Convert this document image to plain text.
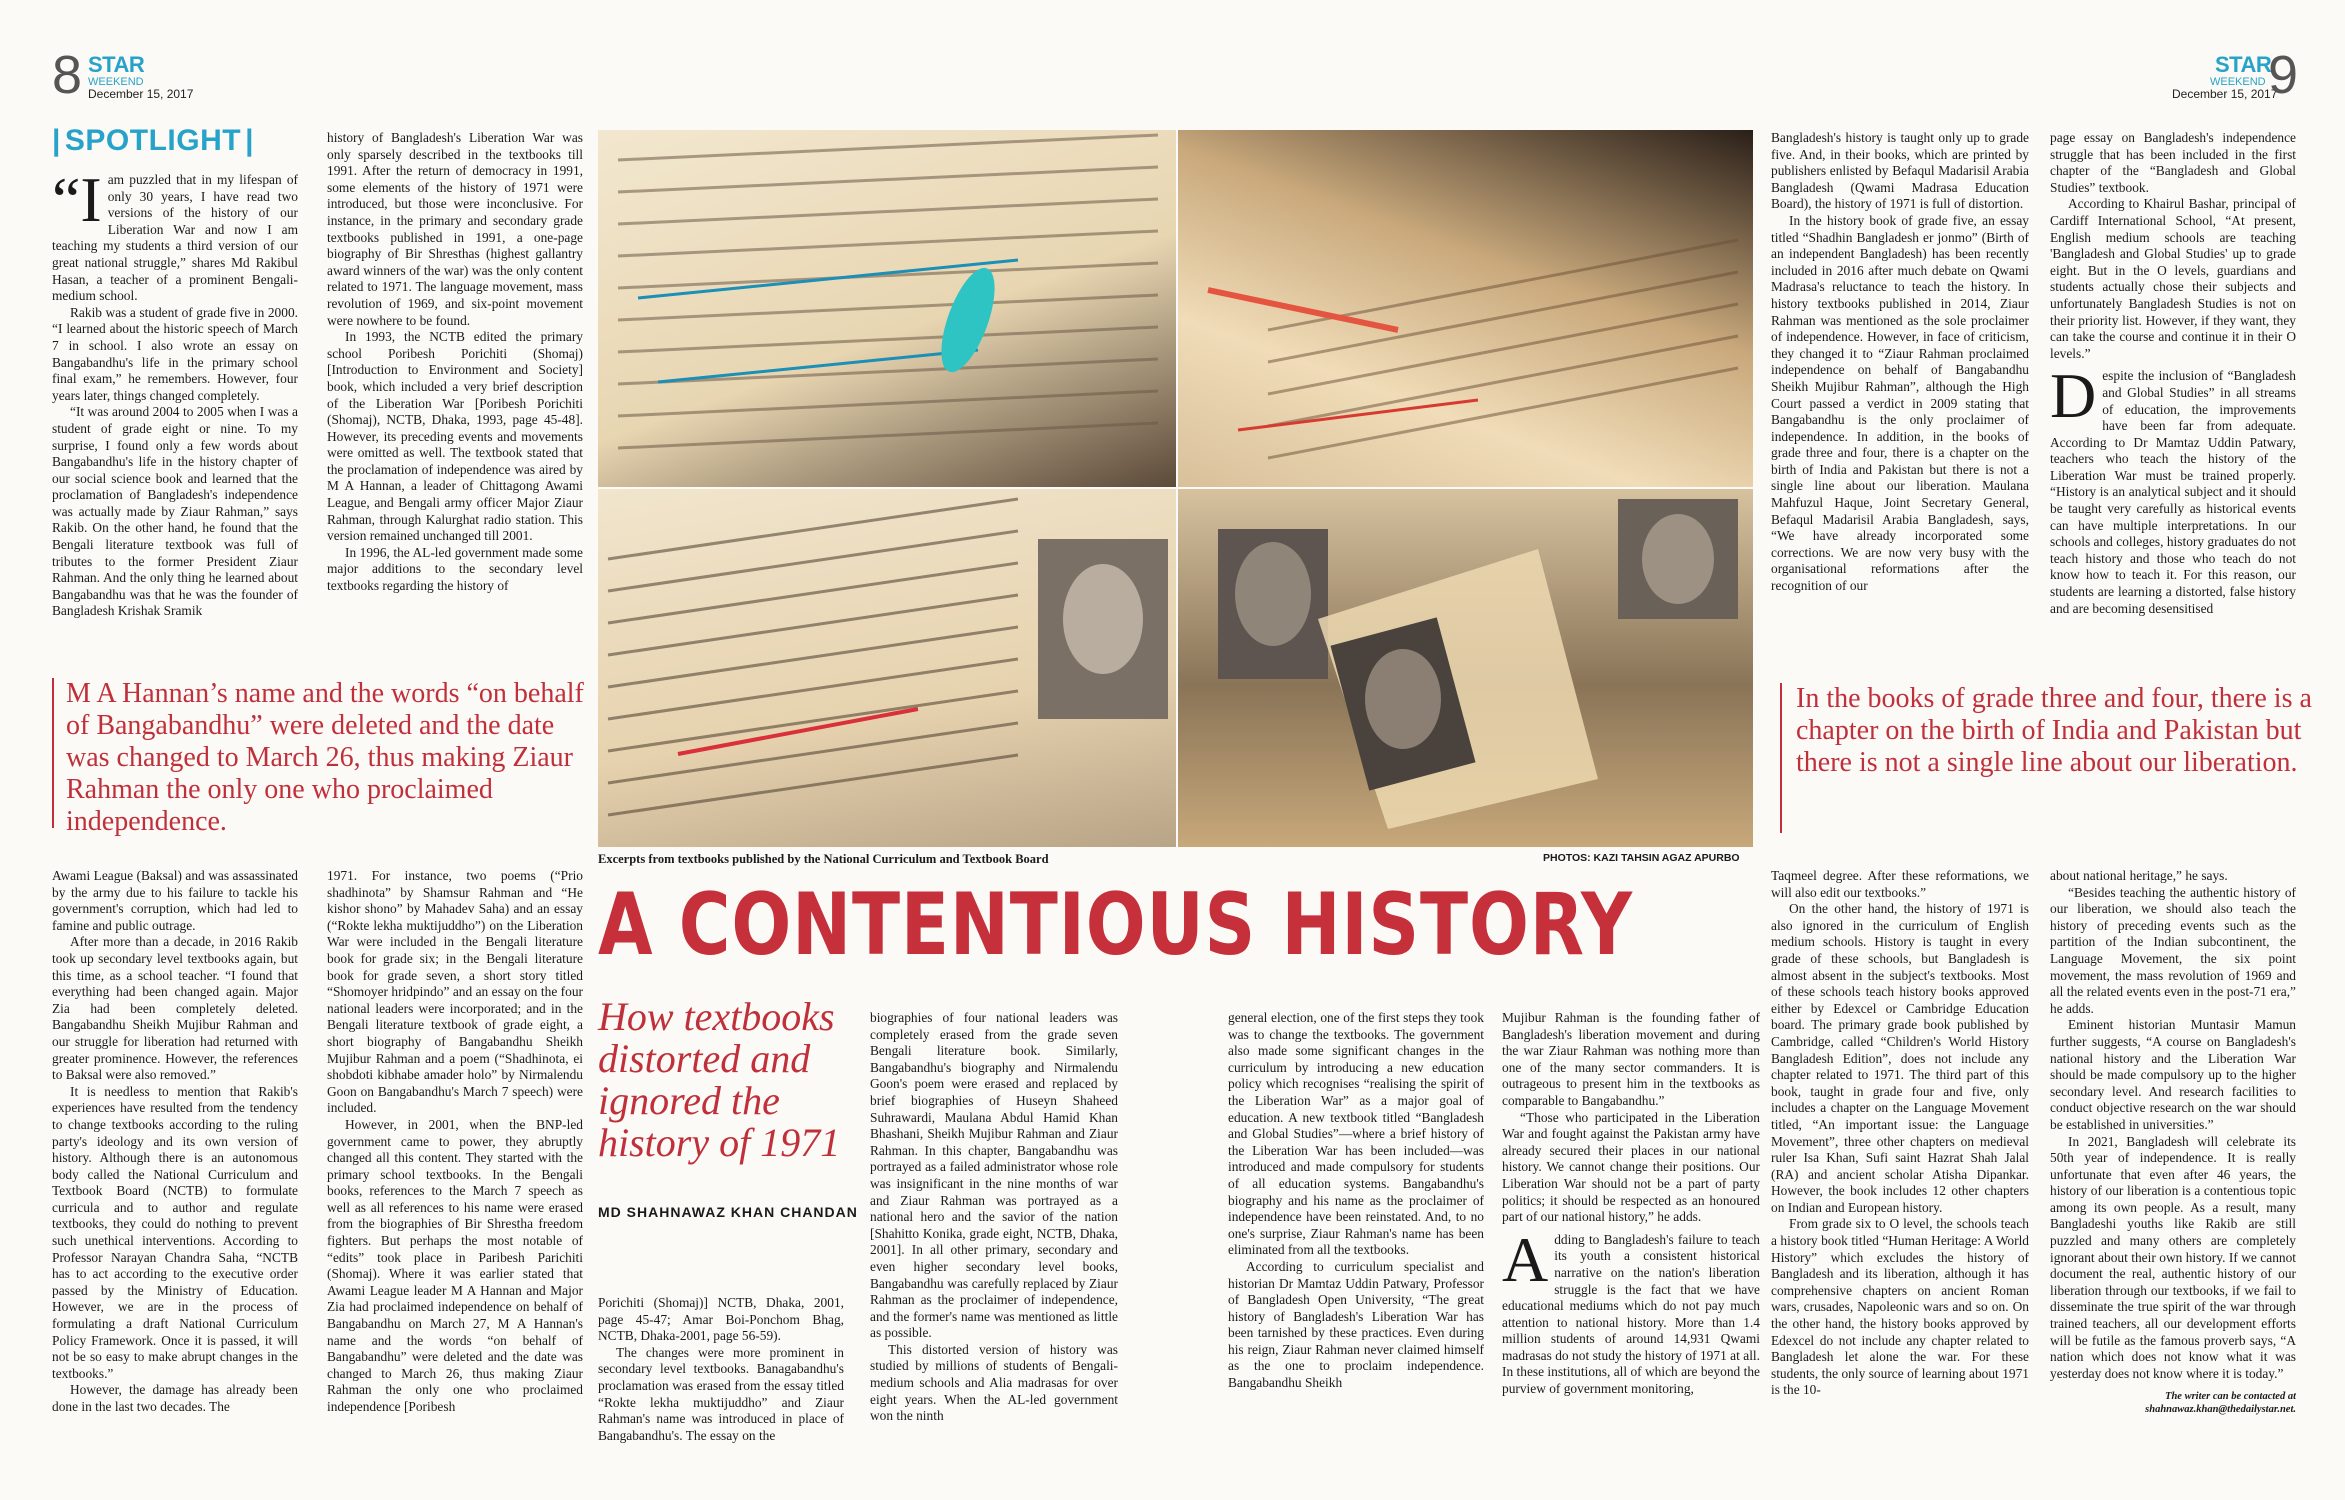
8 STAR
WEEKEND
December 15, 2017
STAR
WEEKEND
December 15, 2017
9
| SPOTLIGHT |

“Iam puzzled that in my lifespan of only 30 years, I have read two versions of the history of our Liberation War and now I am teaching my students a third version of our great national struggle,” shares Md Rakibul Hasan, a teacher of a prominent Bengali-medium school.

Rakib was a student of grade five in 2000. “I learned about the historic speech of March 7 in school. I also wrote an essay on Bangabandhu's life in the primary school final exam,” he remembers. However, four years later, things changed completely.

“It was around 2004 to 2005 when I was a student of grade eight or nine. To my surprise, I found only a few words about Bangabandhu's life in the history chapter of our social science book and learned that the proclamation of Bangladesh's independence was actually made by Ziaur Rahman,” says Rakib. On the other hand, he found that the Bengali literature textbook was full of tributes to the former President Ziaur Rahman. And the only thing he learned about Bangabandhu was that he was the founder of Bangladesh Krishak Sramik

history of Bangladesh's Liberation War was only sparsely described in the textbooks till 1991. After the return of democracy in 1991, some elements of the history of 1971 were introduced, but those were inconclusive. For instance, in the primary and secondary grade textbooks published in 1991, a one-page biography of Bir Shresthas (highest gallantry award winners of the war) was the only content related to 1971. The language movement, mass revolution of 1969, and six-point movement were nowhere to be found.

In 1993, the NCTB edited the primary school Poribesh Porichiti (Shomaj) [Introduction to Environment and Society] book, which included a very brief description of the Liberation War [Poribesh Porichiti (Shomaj), NCTB, Dhaka, 1993, page 45-48]. However, its preceding events and movements were omitted as well. The textbook stated that the proclamation of independence was aired by M A Hannan, a leader of Chittagong Awami League, and Bengali army officer Major Ziaur Rahman, through Kalurghat radio station. This version remained unchanged till 2001.

In 1996, the AL-led government made some major additions to the secondary level textbooks regarding the history of

Excerpts from textbooks published by the National Curriculum and Textbook Board	PHOTOS: KAZI TAHSIN AGAZ APURBO

Bangladesh's history is taught only up to grade five. And, in their books, which are printed by publishers enlisted by Befaqul Madarisil Arabia Bangladesh (Qwami Madrasa Education Board), the history of 1971 is full of distortion.

In the history book of grade five, an essay titled “Shadhin Bangladesh er jonmo” (Birth of an independent Bangladesh) has been recently included in 2016 after much debate on Qwami Madrasa's reluctance to teach the history. In history textbooks published in 2014, Ziaur Rahman was mentioned as the sole proclaimer of independence. However, in face of criticism, they changed it to “Ziaur Rahman proclaimed independence on behalf of Bangabandhu Sheikh Mujibur Rahman”, although the High Court passed a verdict in 2009 stating that Bangabandhu is the only proclaimer of independence. In addition, in the books of grade three and four, there is a chapter on the birth of India and Pakistan but there is not a single line about our liberation. Maulana Mahfuzul Haque, Joint Secretary General, Befaqul Madarisil Arabia Bangladesh, says, “We have already incorporated some corrections. We are now very busy with the organisational reformations after the recognition of our

page essay on Bangladesh's independence struggle that has been included in the first chapter of the “Bangladesh and Global Studies” textbook.

According to Khairul Bashar, principal of Cardiff International School, “At present, English medium schools are teaching 'Bangladesh and Global Studies' up to grade eight. But in the O levels, guardians and students actually chose their subjects and unfortunately Bangladesh Studies is not on their priority list. However, if they want, they can take the course and continue it in their O levels.”

Despite the inclusion of “Bangladesh and Global Studies” in all streams of education, the improvements have been far from adequate. According to Dr Mamtaz Uddin Patwary, teachers who teach the history of the Liberation War must be trained properly. “History is an analytical subject and it should be taught very carefully as historical events can have multiple interpretations. In our schools and colleges, history graduates do not teach history and those who teach do not know how to teach it. For this reason, our students are learning a distorted, false history and are becoming desensitised

M A Hannan’s name and the words “on behalf of Bangabandhu” were deleted and the date was changed to March 26, thus making Ziaur Rahman the only one who proclaimed independence.
In the books of grade three and four, there is a chapter on the birth of India and Pakistan but there is not a single line about our liberation.
A CONTENTIOUS HISTORY
How textbooks distorted and ignored the history of 1971
MD SHAHNAWAZ KHAN CHANDAN

Awami League (Baksal) and was assassinated by the army due to his failure to tackle his government's corruption, which had led to famine and public outrage.

After more than a decade, in 2016 Rakib took up secondary level textbooks again, but this time, as a school teacher. “I found that everything had been changed again. Major Zia had been completely deleted. Bangabandhu Sheikh Mujibur Rahman and our struggle for liberation had returned with greater prominence. However, the references to Baksal were also removed.”

It is needless to mention that Rakib's experiences have resulted from the tendency to change textbooks according to the ruling party's ideology and its own version of history. Although there is an autonomous body called the National Curriculum and Textbook Board (NCTB) to formulate curricula and to author and regulate textbooks, they could do nothing to prevent such unethical interventions. According to Professor Narayan Chandra Saha, “NCTB has to act according to the executive order passed by the Ministry of Education. However, we are in the process of formulating a draft National Curriculum Policy Framework. Once it is passed, it will not be so easy to make abrupt changes in the textbooks.”

However, the damage has already been done in the last two decades. The

1971. For instance, two poems (“Prio shadhinota” by Shamsur Rahman and “He kishor shono” by Mahadev Saha) and an essay (“Rokte lekha muktijuddho”) on the Liberation War were included in the Bengali literature book for grade six; in the Bengali literature book for grade seven, a short story titled “Shomoyer hridpindo” and an essay on the four national leaders were incorporated; and in the Bengali literature textbook of grade eight, a short biography of Bangabandhu Sheikh Mujibur Rahman and a poem (“Shadhinota, ei shobdoti kibhabe amader holo” by Nirmalendu Goon on Bangabandhu's March 7 speech) were included.

However, in 2001, when the BNP-led government came to power, they abruptly changed all this content. They started with the primary school textbooks. In the Bengali books, references to the March 7 speech as well as all references to his name were erased from the biographies of Bir Shrestha freedom fighters. But perhaps the most notable of “edits” took place in Paribesh Parichiti (Shomaj). Where it was earlier stated that Awami League leader M A Hannan and Major Zia had proclaimed independence on behalf of Bangabandhu on March 27, M A Hannan's name and the words “on behalf of Bangabandhu” were deleted and the date was changed to March 26, thus making Ziaur Rahman the only one who proclaimed independence [Poribesh

Porichiti (Shomaj)] NCTB, Dhaka, 2001, page 45-47; Amar Boi-Ponchom Bhag, NCTB, Dhaka-2001, page 56-59).

The changes were more prominent in secondary level textbooks. Banagabandhu's proclamation was erased from the essay titled “Rokte lekha muktijuddho” and Ziaur Rahman's name was introduced in place of Bangabandhu's. The essay on the

biographies of four national leaders was completely erased from the grade seven Bengali literature book. Similarly, Bangabandhu's biography and Nirmalendu Goon's poem were erased and replaced by brief biographies of Huseyn Shaheed Suhrawardi, Maulana Abdul Hamid Khan Bhashani, Sheikh Mujibur Rahman and Ziaur Rahman. In this chapter, Bangabandhu was portrayed as a failed administrator whose role was insignificant in the nine months of war and Ziaur Rahman was portrayed as a national hero and the savior of the nation [Shahitto Konika, grade eight, NCTB, Dhaka, 2001]. In all other primary, secondary and even higher secondary level books, Bangabandhu was carefully replaced by Ziaur Rahman as the proclaimer of independence, and the former's name was mentioned as little as possible.

This distorted version of history was studied by millions of students of Bengali-medium schools and Alia madrasas for over eight years. When the AL-led government won the ninth

general election, one of the first steps they took was to change the textbooks. The government also made some significant changes in the curriculum by introducing a new education policy which recognises “realising the spirit of the Liberation War” as a major goal of education. A new textbook titled “Bangladesh and Global Studies”—where a brief history of the Liberation War has been included—was introduced and made compulsory for students of all education systems. Bangabandhu's biography and his name as the proclaimer of independence have been reinstated. And, to no one's surprise, Ziaur Rahman's name has been eliminated from all the textbooks.

According to curriculum specialist and historian Dr Mamtaz Uddin Patwary, Professor of Bangladesh Open University, “The great history of Bangladesh's Liberation War has been tarnished by these practices. Even during his reign, Ziaur Rahman never claimed himself as the one to proclaim independence. Bangabandhu Sheikh

Mujibur Rahman is the founding father of Bangladesh's liberation movement and during the war Ziaur Rahman was nothing more than one of the many sector commanders. It is outrageous to present him in the textbooks as comparable to Bangabandhu.”

“Those who participated in the Liberation War and fought against the Pakistan army have already secured their places in our national history. We cannot change their positions. Our Liberation War should not be a part of party politics; it should be respected as an honoured part of our national history,” he adds.

Adding to Bangladesh's failure to teach its youth a consistent historical narrative on the nation's liberation struggle is the fact that we have educational mediums which do not pay much attention to national history. More than 1.4 million students of around 14,931 Qwami madrasas do not study the history of 1971 at all. In these institutions, all of which are beyond the purview of government monitoring,

Taqmeel degree. After these reformations, we will also edit our textbooks.”

On the other hand, the history of 1971 is also ignored in the curriculum of English medium schools. History is taught in every grade of these schools, but Bangladesh is almost absent in the subject's textbooks. Most of these schools teach history books approved either by Edexcel or Cambridge Education board. The primary grade book published by Cambridge, called “Children's World History Bangladesh Edition”, does not include any chapter related to 1971. The third part of this book, taught in grade four and five, only includes a chapter on the Language Movement titled, “An important issue: the Language Movement”, three other chapters on medieval ruler Isa Khan, Sufi saint Hazrat Shah Jalal (RA) and ancient scholar Atisha Dipankar. However, the book includes 12 other chapters on Indian and European history.

From grade six to O level, the schools teach a history book titled “Human Heritage: A World History” which excludes the history of Bangladesh and its liberation, although it has comprehensive chapters on ancient Roman wars, crusades, Napoleonic wars and so on. On the other hand, the history books approved by Edexcel do not include any chapter related to Bangladesh let alone the war. For these students, the only source of learning about 1971 is the 10-

about national heritage,” he says.

“Besides teaching the authentic history of our liberation, we should also teach the history of preceding events such as the partition of the Indian subcontinent, the Language Movement, the six point movement, the mass revolution of 1969 and all the related events even in the post-71 era,” he adds.

Eminent historian Muntasir Mamun further suggests, “A course on Bangladesh's national history and the Liberation War should be made compulsory up to the higher secondary level. And research facilities to conduct objective research on the war should be established in universities.”

In 2021, Bangladesh will celebrate its 50th year of independence. It is really unfortunate that even after 46 years, the history of our liberation is a contentious topic among its own people. As a result, many Bangladeshi youths like Rakib are still puzzled and many others are completely ignorant about their own history. If we cannot document the real, authentic history of our liberation through our textbooks, if we fail to disseminate the true spirit of the war through trained teachers, all our development efforts will be futile as the famous proverb says, “A nation which does not know what it was yesterday does not know where it is today.”

The writer can be contacted at
shahnawaz.khan@thedailystar.net.
